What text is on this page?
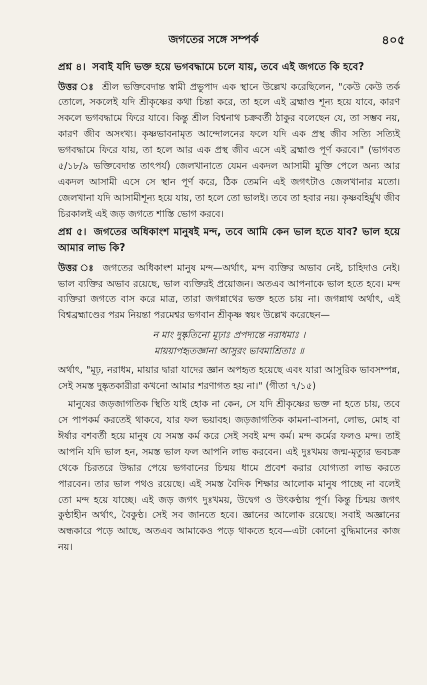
জগতের সঙ্গে সম্পর্ক	৪০৫
প্রশ্ন ৪। সবাই যদি ভক্ত হয়ে ভগবদ্ধামে চলে যায়, তবে এই জগতে কি হবে?
উত্তর ঃ শ্রীল ভক্তিবেদান্ত স্বামী প্রভুপাদ এক স্থানে উল্লেখ করেছিলেন, "কেউ কেউ তর্ক তোলে, সকলেই যদি শ্রীকৃষ্ণের কথা চিন্তা করে, তা হলে এই ব্রহ্মাণ্ড শূন্য হয়ে যাবে, কারণ সকলে ভগবদ্ধামে ফিরে যাবে। কিন্তু শ্রীল বিশ্বনাথ চক্রবর্তী ঠাকুর বলেছেন যে, তা সম্ভব নয়, কারণ জীব অসংখ্য। কৃষ্ণভাবনামৃত আন্দোলনের ফলে যদি এক প্রস্থ জীব সত্যি সত্যিই ভগবদ্ধামে ফিরে যায়, তা হলে আর এক প্রস্থ জীব এসে এই ব্রহ্মাণ্ড পূর্ণ করবে।" (ভাগবত ৫/১৮/৯ ভক্তিবেদান্ত তাৎপর্য) জেলখানাতে যেমন একদল আসামী মুক্তি পেলে অন্য আর একদল আসামী এসে সে স্থান পূর্ণ করে, ঠিক তেমনি এই জগৎটাও জেলখানার মতো। জেলখানা যদি আসামীশূন্য হয়ে যায়, তা হলে তো ভালই। তবে তা হবার নয়। কৃষ্ণবহির্মুখ জীব চিরকালই এই জড় জগতে শাস্তি ভোগ করবে।
প্রশ্ন ৫। জগতের অধিকাংশ মানুষই মন্দ, তবে আমি কেন ভাল হতে যাব? ভাল হয়ে আমার লাভ কি?
উত্তর ঃ জগতের অধিকাংশ মানুষ মন্দ—অর্থাৎ, মন্দ ব্যক্তির অভাব নেই, চাহিদাও নেই। ভাল ব্যক্তির অভাব রয়েছে, ভাল ব্যক্তিরই প্রয়োজন। অতএব আপনাকে ভাল হতে হবে। মন্দ ব্যক্তিরা জগতে বাস করে মাত্র, তারা জগন্নাথের ভক্ত হতে চায় না। জগন্নাথ অর্থাৎ, এই বিশ্বব্রহ্মাণ্ডের পরম নিয়ন্তা পরমেশ্বর ভগবান শ্রীকৃষ্ণ স্বয়ং উল্লেখ করেছেন—
ন মাং দুষ্কৃতিনো মূঢ়াঃ প্রপদ্যন্তে নরাধমাঃ ।
মায়য়াপহৃতজ্ঞানা আসুরং ভাবমাশ্রিতাঃ ॥
অর্থাৎ, "মূঢ়, নরাধম, মায়ার দ্বারা যাদের জ্ঞান অপহৃত হয়েছে এবং যারা আসুরিক ভাবসম্পন্ন, সেই সমস্ত দুষ্কৃতকারীরা কখনো আমার শরণাগত হয় না।" (গীতা ৭/১৫)
মানুষের জড়জাগতিক স্থিতি যাই হোক না কেন, সে যদি শ্রীকৃষ্ণের ভক্ত না হতে চায়, তবে সে পাপকর্ম করতেই থাকবে, যার ফল ভয়াবহ। জড়জাগতিক কামনা-বাসনা, লোভ, মোহ বা ঈর্ষার বশবর্তী হয়ে মানুষ যে সমস্ত কর্ম করে সেই সবই মন্দ কর্ম। মন্দ কর্মের ফলও মন্দ। তাই আপনি যদি ভাল হন, সমস্ত ভাল ফল আপনি লাভ করবেন। এই দুঃখময় জন্ম-মৃত্যুর ভবচক্র থেকে চিরতরে উদ্ধার পেয়ে ভগবানের চিন্ময় ধামে প্রবেশ করার যোগ্যতা লাভ করতে পারবেন। তার ভাল পথও রয়েছে। এই সমস্ত বৈদিক শিক্ষার আলোক মানুষ পাচ্ছে না বলেই তো মন্দ হয়ে যাচ্ছে। এই জড় জগৎ দুঃখময়, উদ্বেগ ও উৎকণ্ঠায় পূর্ণ। কিন্তু চিন্ময় জগৎ কুণ্ঠাহীন অর্থাৎ, বৈকুণ্ঠ। সেই সব জানতে হবে। জ্ঞানের আলোক রয়েছে। সবাই অজ্ঞানের অন্ধকারে পড়ে আছে, অতএব আমাকেও পড়ে থাকতে হবে—এটা কোনো বুদ্ধিমানের কাজ নয়।
